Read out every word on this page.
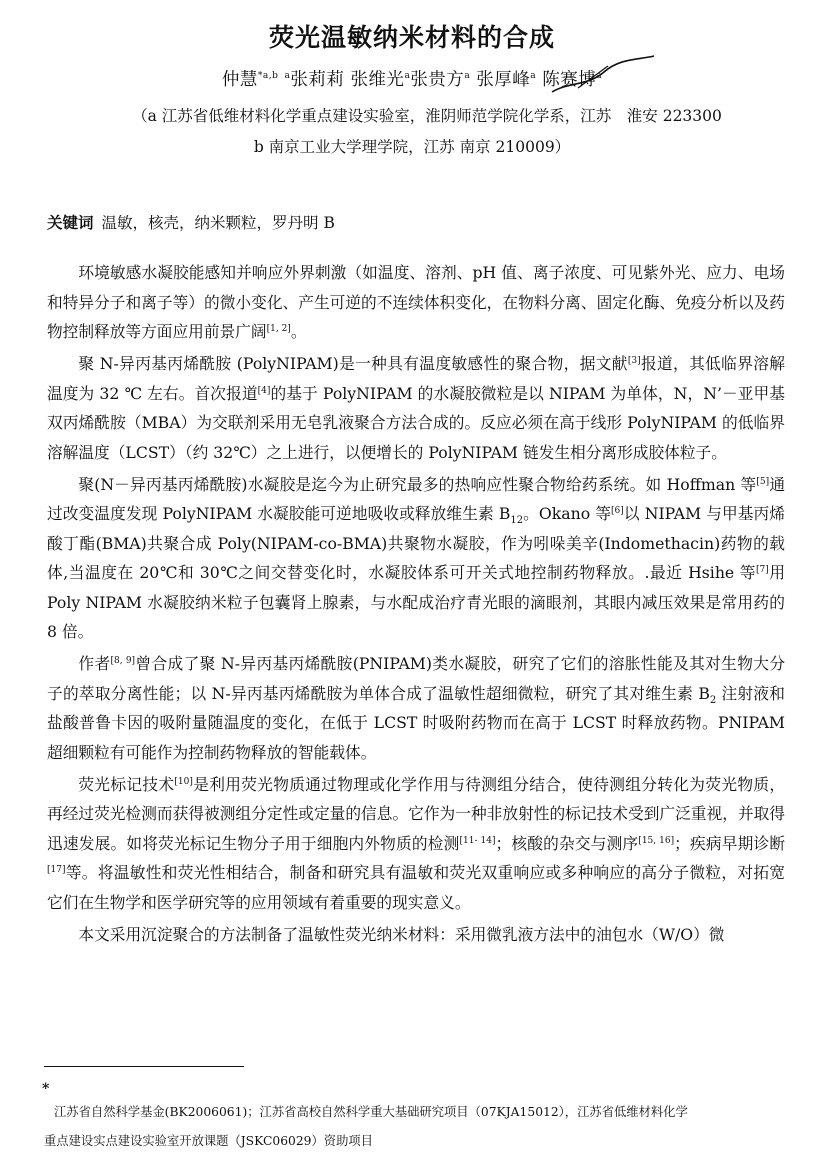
荧光温敏纳米材料的合成
仲慧$^{*a,b}$ $^a$张莉莉 张维光$^a$张贵方$^a$ 张厚峰$^a$ 陈赛博$^a$
（a 江苏省低维材料化学重点建设实验室，淮阴师范学院化学系，江苏　淮安 223300
b 南京工业大学理学院，江苏 南京 210009）
关键词 温敏，核壳，纳米颗粒，罗丹明 B

环境敏感水凝胶能感知并响应外界刺激（如温度、溶剂、pH 值、离子浓度、可见紫外光、应力、电场和特异分子和离子等）的微小变化、产生可逆的不连续体积变化，在物料分离、固定化酶、免疫分析以及药物控制释放等方面应用前景广阔[1, 2]。

聚 N-异丙基丙烯酰胺 (PolyNIPAM)是一种具有温度敏感性的聚合物，据文献[3]报道，其低临界溶解温度为 32 ℃ 左右。首次报道[4]的基于 PolyNIPAM 的水凝胶微粒是以 NIPAM 为单体，N，N’－亚甲基双丙烯酰胺（MBA）为交联剂采用无皂乳液聚合方法合成的。反应必须在高于线形 PolyNIPAM 的低临界溶解温度（LCST）（约 32℃）之上进行，以便增长的 PolyNIPAM 链发生相分离形成胶体粒子。

聚(N－异丙基丙烯酰胺)水凝胶是迄今为止研究最多的热响应性聚合物给药系统。如 Hoffman 等[5]通过改变温度发现 PolyNIPAM 水凝胶能可逆地吸收或释放维生素 $B_{12}$。Okano 等[6]以 NIPAM 与甲基丙烯酸丁酯(BMA)共聚合成 Poly(NIPAM-co-BMA)共聚物水凝胶，作为吲哚美辛(Indomethacin)药物的载体,当温度在 20℃和 30℃之间交替变化时，水凝胶体系可开关式地控制药物释放。.最近 Hsihe 等[7]用 Poly NIPAM 水凝胶纳米粒子包囊肾上腺素，与水配成治疗青光眼的滴眼剂，其眼内减压效果是常用药的 8 倍。

作者[8, 9]曾合成了聚 N-异丙基丙烯酰胺(PNIPAM)类水凝胶，研究了它们的溶胀性能及其对生物大分子的萃取分离性能；以 N-异丙基丙烯酰胺为单体合成了温敏性超细微粒，研究了其对维生素 $B_2$ 注射液和盐酸普鲁卡因的吸附量随温度的变化，在低于 LCST 时吸附药物而在高于 LCST 时释放药物。PNIPAM 超细颗粒有可能作为控制药物释放的智能载体。

荧光标记技术[10]是利用荧光物质通过物理或化学作用与待测组分结合，使待测组分转化为荧光物质，再经过荧光检测而获得被测组分定性或定量的信息。它作为一种非放射性的标记技术受到广泛重视，并取得迅速发展。如将荧光标记生物分子用于细胞内外物质的检测[11- 14]；核酸的杂交与测序[15, 16]；疾病早期诊断[17]等。将温敏性和荧光性相结合，制备和研究具有温敏和荧光双重响应或多种响应的高分子微粒，对拓宽它们在生物学和医学研究等的应用领域有着重要的现实意义。

本文采用沉淀聚合的方法制备了温敏性荧光纳米材料：采用微乳液方法中的油包水（W/O）微

*
江苏省自然科学基金(BK2006061)；江苏省高校自然科学重大基础研究项目（07KJA15012），江苏省低维材料化学
重点建设实点建设实验室开放课题（JSKC06029）资助项目
